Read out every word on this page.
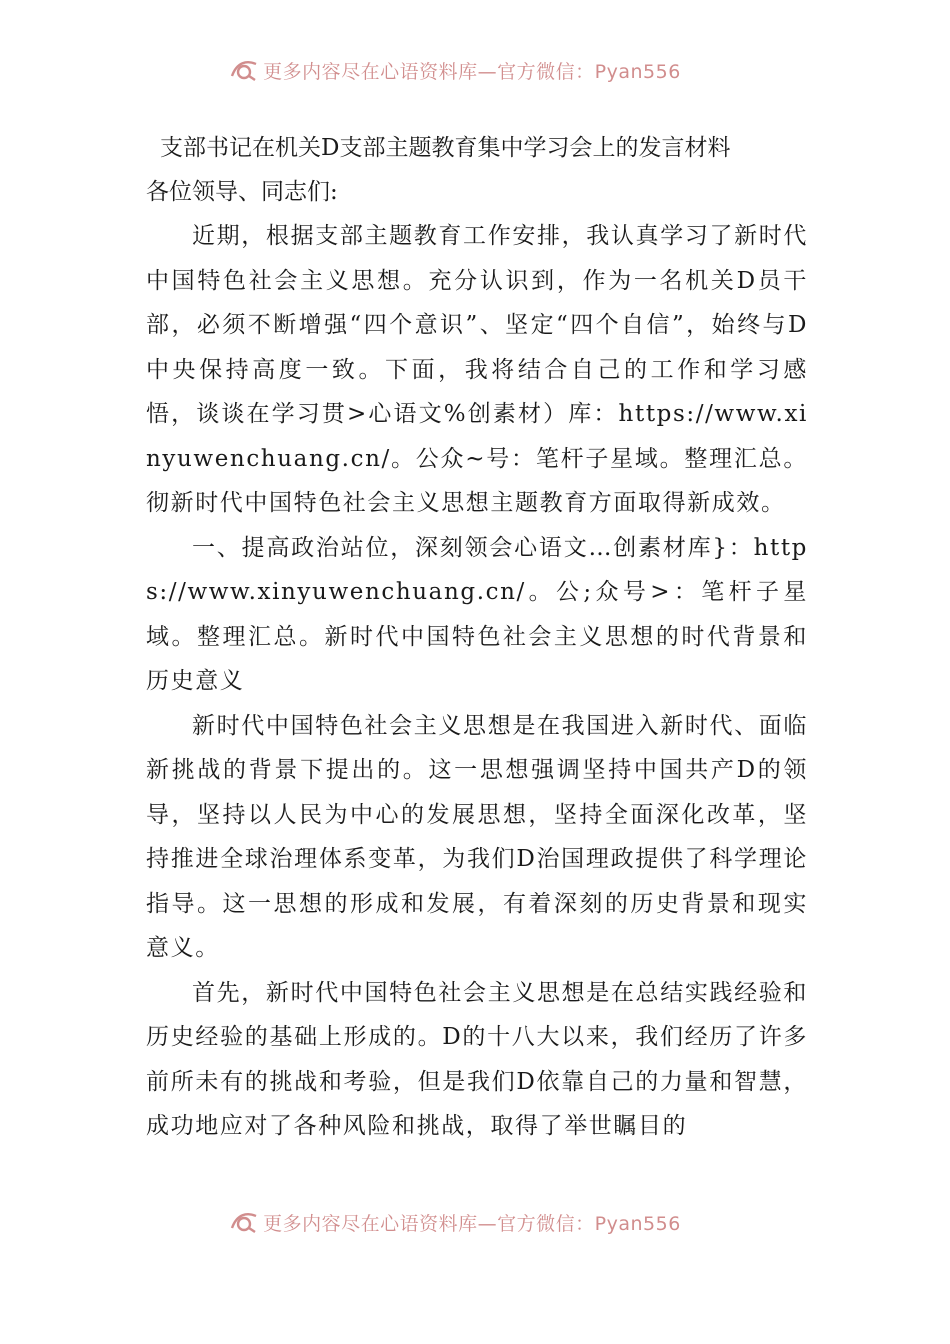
更多内容尽在心语资料库—官方微信：Pyan556
支部书记在机关D支部主题教育集中学习会上的发言材料

各位领导、同志们:

近期，根据支部主题教育工作安排，我认真学习了新时代中国特色社会主义思想。充分认识到，作为一名机关D员干部，必须不断增强“四个意识”、坚定“四个自信”，始终与D中央保持高度一致。下面，我将结合自己的工作和学习感悟，谈谈在学习贯>心语文%创素材）库：https://www.xinyuwenchuang.cn/。公众~号：笔杆子星域。整理汇总。彻新时代中国特色社会主义思想主题教育方面取得新成效。

一、提高政治站位，深刻领会心语文…创素材库}：https://www.xinyuwenchuang.cn/。公;众号>：笔杆子星域。整理汇总。新时代中国特色社会主义思想的时代背景和历史意义

新时代中国特色社会主义思想是在我国进入新时代、面临新挑战的背景下提出的。这一思想强调坚持中国共产D的领导，坚持以人民为中心的发展思想，坚持全面深化改革，坚持推进全球治理体系变革，为我们D治国理政提供了科学理论指导。这一思想的形成和发展，有着深刻的历史背景和现实意义。

首先，新时代中国特色社会主义思想是在总结实践经验和历史经验的基础上形成的。D的十八大以来，我们经历了许多前所未有的挑战和考验，但是我们D依靠自己的力量和智慧，成功地应对了各种风险和挑战，取得了举世瞩目的

更多内容尽在心语资料库—官方微信：Pyan556
